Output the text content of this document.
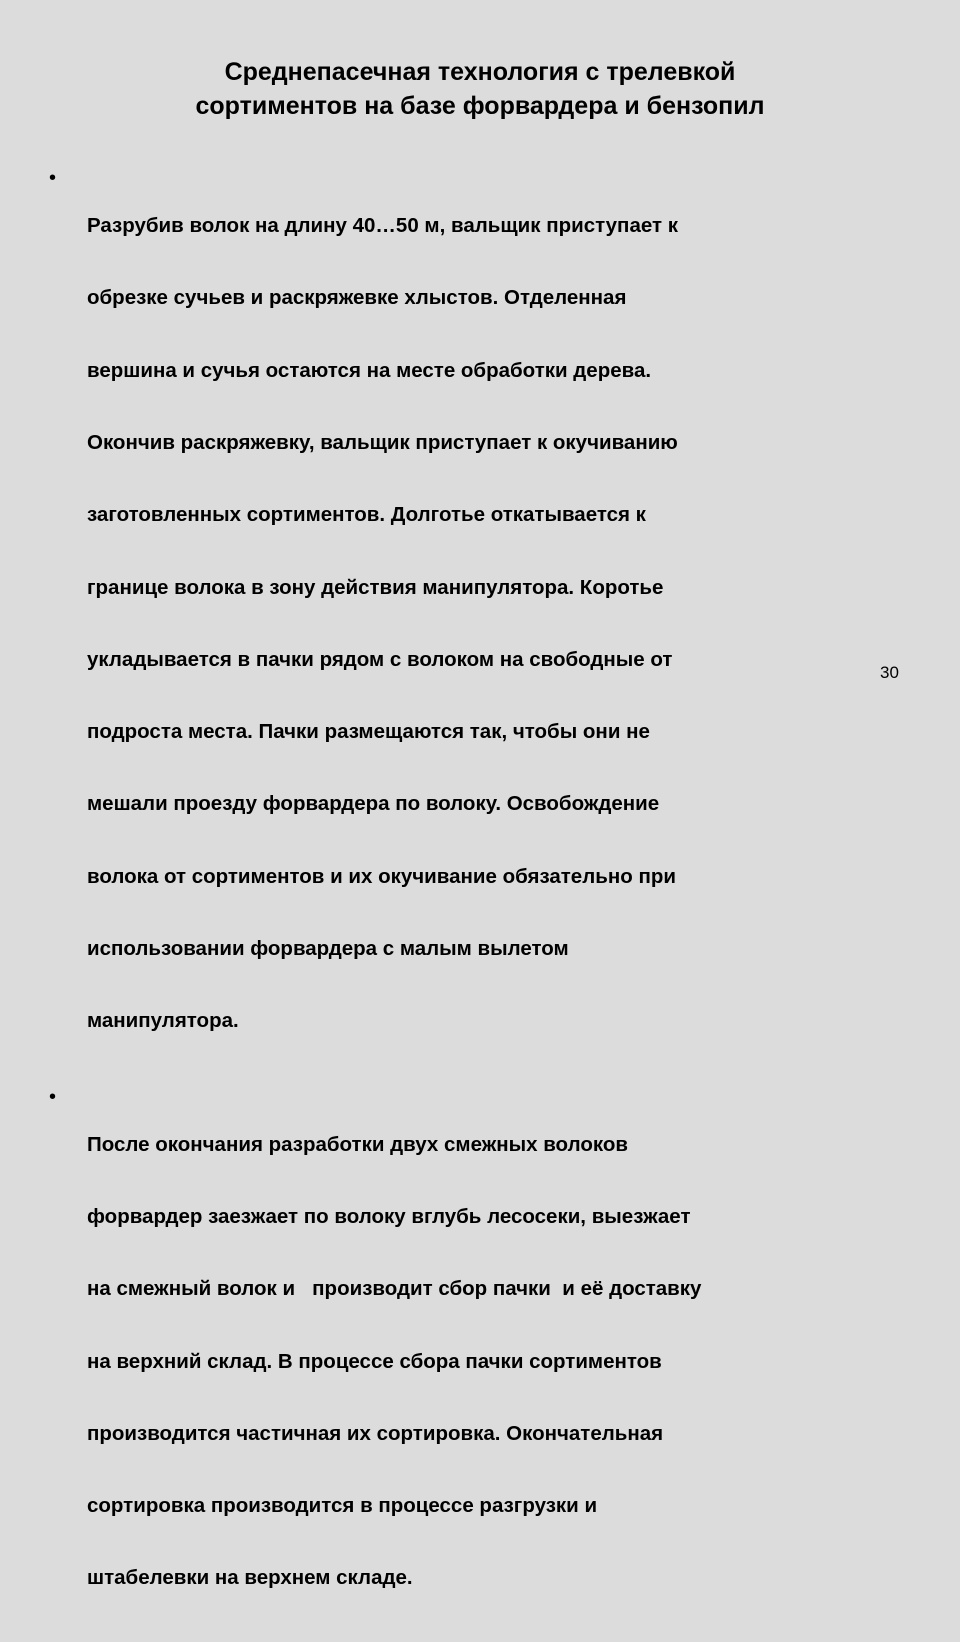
Среднепасечная технология с трелевкой
сортиментов на базе форвардера и бензопил
•

Разрубив волок на длину 40…50 м, вальщик приступает к

обрезке сучьев и раскряжевке хлыстов. Отделенная

вершина и сучья остаются на месте обработки дерева.

Окончив раскряжевку, вальщик приступает к окучиванию

заготовленных сортиментов. Долготье откатывается к

границе волока в зону действия манипулятора. Коротье

укладывается в пачки рядом с волоком на свободные от

подроста места. Пачки размещаются так, чтобы они не

мешали проезду форвардера по волоку. Освобождение

волока от сортиментов и их окучивание обязательно при

использовании форвардера с малым вылетом

манипулятора.

•

После окончания разработки двух смежных волоков

форвардер заезжает по волоку вглубь лесосеки, выезжает

на смежный волок и   производит сбор пачки  и её доставку

на верхний склад. В процессе сбора пачки сортиментов

производится частичная их сортировка. Окончательная

сортировка производится в процессе разгрузки и

штабелевки на верхнем складе.

30
